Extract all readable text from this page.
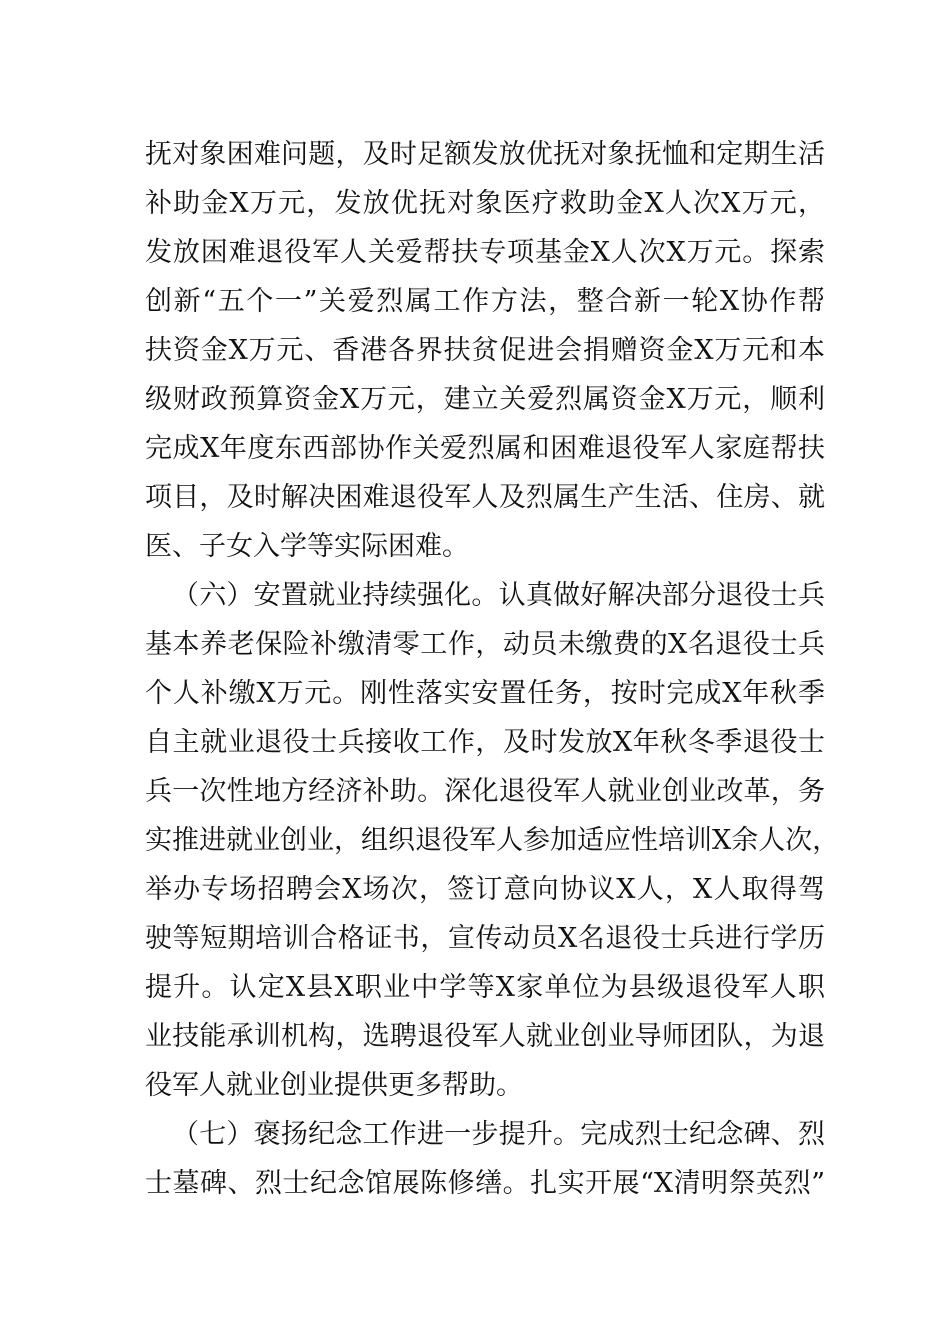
抚对象困难问题，及时足额发放优抚对象抚恤和定期生活
补助金X万元，发放优抚对象医疗救助金X人次X万元，
发放困难退役军人关爱帮扶专项基金X人次X万元。探索
创新“五个一”关爱烈属工作方法，整合新一轮X协作帮
扶资金X万元、香港各界扶贫促进会捐赠资金X万元和本
级财政预算资金X万元，建立关爱烈属资金X万元，顺利
完成X年度东西部协作关爱烈属和困难退役军人家庭帮扶
项目，及时解决困难退役军人及烈属生产生活、住房、就
医、子女入学等实际困难。
（六）安置就业持续强化。认真做好解决部分退役士兵
基本养老保险补缴清零工作，动员未缴费的X名退役士兵
个人补缴X万元。刚性落实安置任务，按时完成X年秋季
自主就业退役士兵接收工作，及时发放X年秋冬季退役士
兵一次性地方经济补助。深化退役军人就业创业改革，务
实推进就业创业，组织退役军人参加适应性培训X余人次，
举办专场招聘会X场次，签订意向协议X人，X人取得驾
驶等短期培训合格证书，宣传动员X名退役士兵进行学历
提升。认定X县X职业中学等X家单位为县级退役军人职
业技能承训机构，选聘退役军人就业创业导师团队，为退
役军人就业创业提供更多帮助。
（七）褒扬纪念工作进一步提升。完成烈士纪念碑、烈
士墓碑、烈士纪念馆展陈修缮。扎实开展“X清明祭英烈”
